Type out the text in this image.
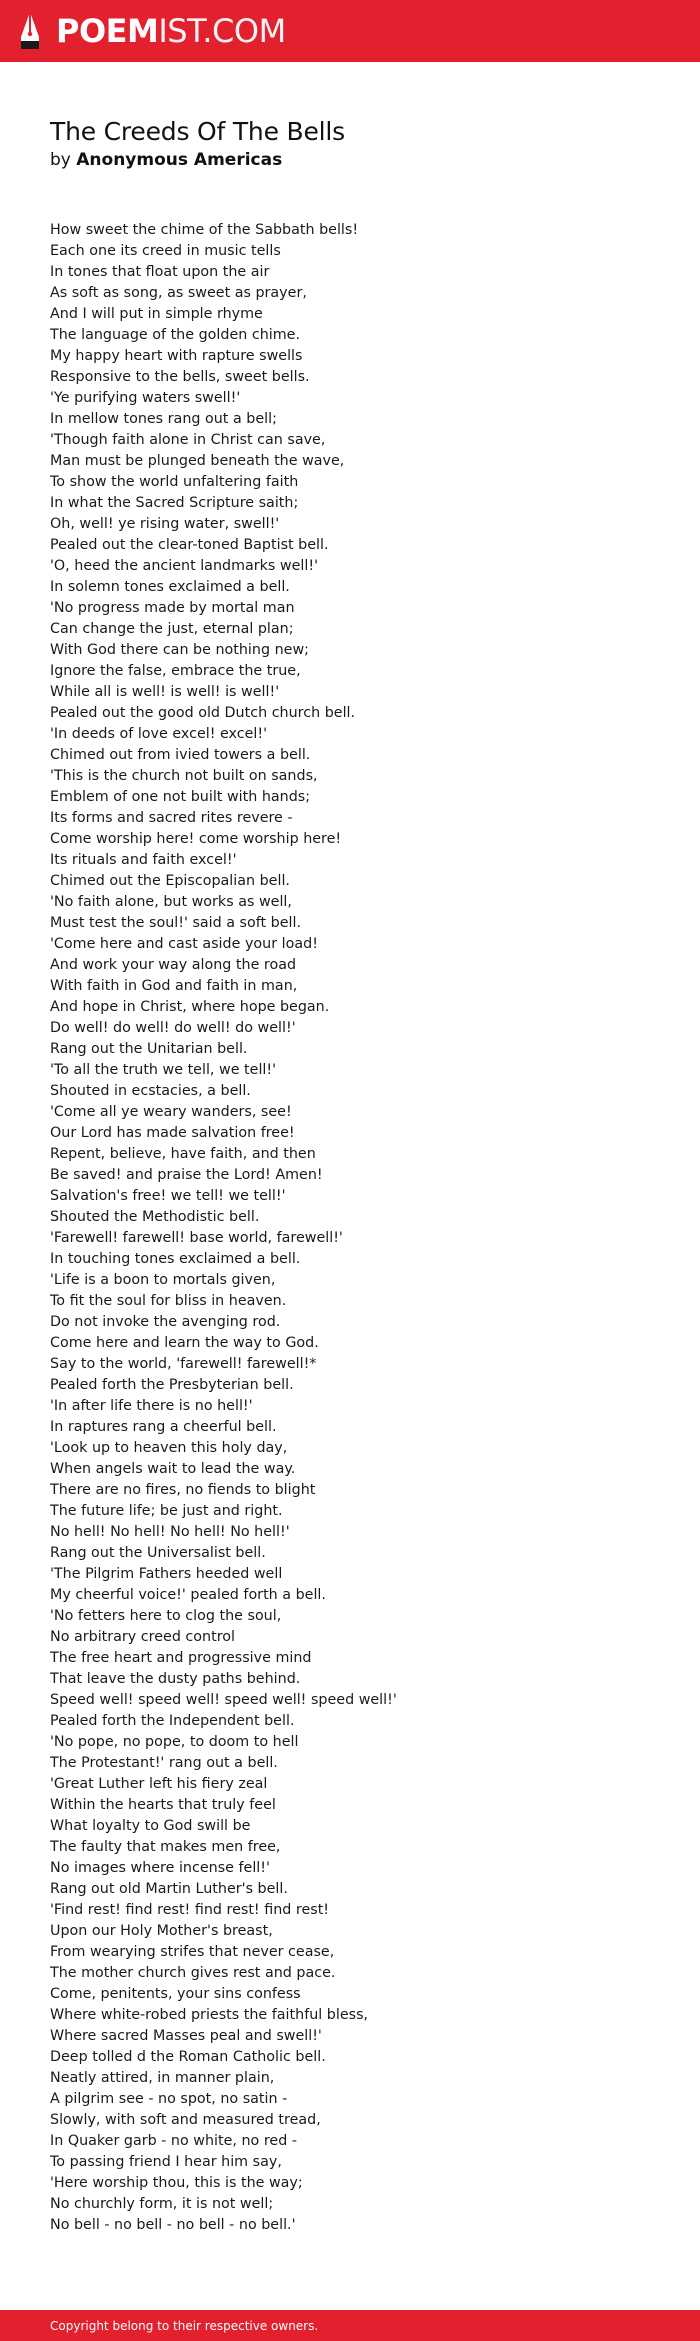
POEMIST.COM
The Creeds Of The Bells
by Anonymous Americas
How sweet the chime of the Sabbath bells!
Each one its creed in music tells
In tones that float upon the air
As soft as song, as sweet as prayer,
And I will put in simple rhyme
The language of the golden chime.
My happy heart with rapture swells
Responsive to the bells, sweet bells.
'Ye purifying waters swell!'
In mellow tones rang out a bell;
'Though faith alone in Christ can save,
Man must be plunged beneath the wave,
To show the world unfaltering faith
In what the Sacred Scripture saith;
Oh, well! ye rising water, swell!'
Pealed out the clear-toned Baptist bell.
'O, heed the ancient landmarks well!'
In solemn tones exclaimed a bell.
'No progress made by mortal man
Can change the just, eternal plan;
With God there can be nothing new;
Ignore the false, embrace the true,
While all is well! is well! is well!'
Pealed out the good old Dutch church bell.
'In deeds of love excel! excel!'
Chimed out from ivied towers a bell.
'This is the church not built on sands,
Emblem of one not built with hands;
Its forms and sacred rites revere -
Come worship here! come worship here!
Its rituals and faith excel!'
Chimed out the Episcopalian bell.
'No faith alone, but works as well,
Must test the soul!' said a soft bell.
'Come here and cast aside your load!
And work your way along the road
With faith in God and faith in man,
And hope in Christ, where hope began.
Do well! do well! do well! do well!'
Rang out the Unitarian bell.
'To all the truth we tell, we tell!'
Shouted in ecstacies, a bell.
'Come all ye weary wanders, see!
Our Lord has made salvation free!
Repent, believe, have faith, and then
Be saved! and praise the Lord! Amen!
Salvation's free! we tell! we tell!'
Shouted the Methodistic bell.
'Farewell! farewell! base world, farewell!'
In touching tones exclaimed a bell.
'Life is a boon to mortals given,
To fit the soul for bliss in heaven.
Do not invoke the avenging rod.
Come here and learn the way to God.
Say to the world, 'farewell! farewell!*
Pealed forth the Presbyterian bell.
'In after life there is no hell!'
In raptures rang a cheerful bell.
'Look up to heaven this holy day,
When angels wait to lead the way.
There are no fires, no fiends to blight
The future life; be just and right.
No hell! No hell! No hell! No hell!'
Rang out the Universalist bell.
'The Pilgrim Fathers heeded well
My cheerful voice!' pealed forth a bell.
'No fetters here to clog the soul,
No arbitrary creed control
The free heart and progressive mind
That leave the dusty paths behind.
Speed well! speed well! speed well! speed well!'
Pealed forth the Independent bell.
'No pope, no pope, to doom to hell
The Protestant!' rang out a bell.
'Great Luther left his fiery zeal
Within the hearts that truly feel
What loyalty to God swill be
The faulty that makes men free,
No images where incense fell!'
Rang out old Martin Luther's bell.
'Find rest! find rest! find rest! find rest!
Upon our Holy Mother's breast,
From wearying strifes that never cease,
The mother church gives rest and pace.
Come, penitents, your sins confess
Where white-robed priests the faithful bless,
Where sacred Masses peal and swell!'
Deep tolled d the Roman Catholic bell.
Neatly attired, in manner plain,
A pilgrim see - no spot, no satin -
Slowly, with soft and measured tread,
In Quaker garb - no white, no red -
To passing friend I hear him say,
'Here worship thou, this is the way;
No churchly form, it is not well;
No bell - no bell - no bell - no bell.'
Copyright belong to their respective owners.
